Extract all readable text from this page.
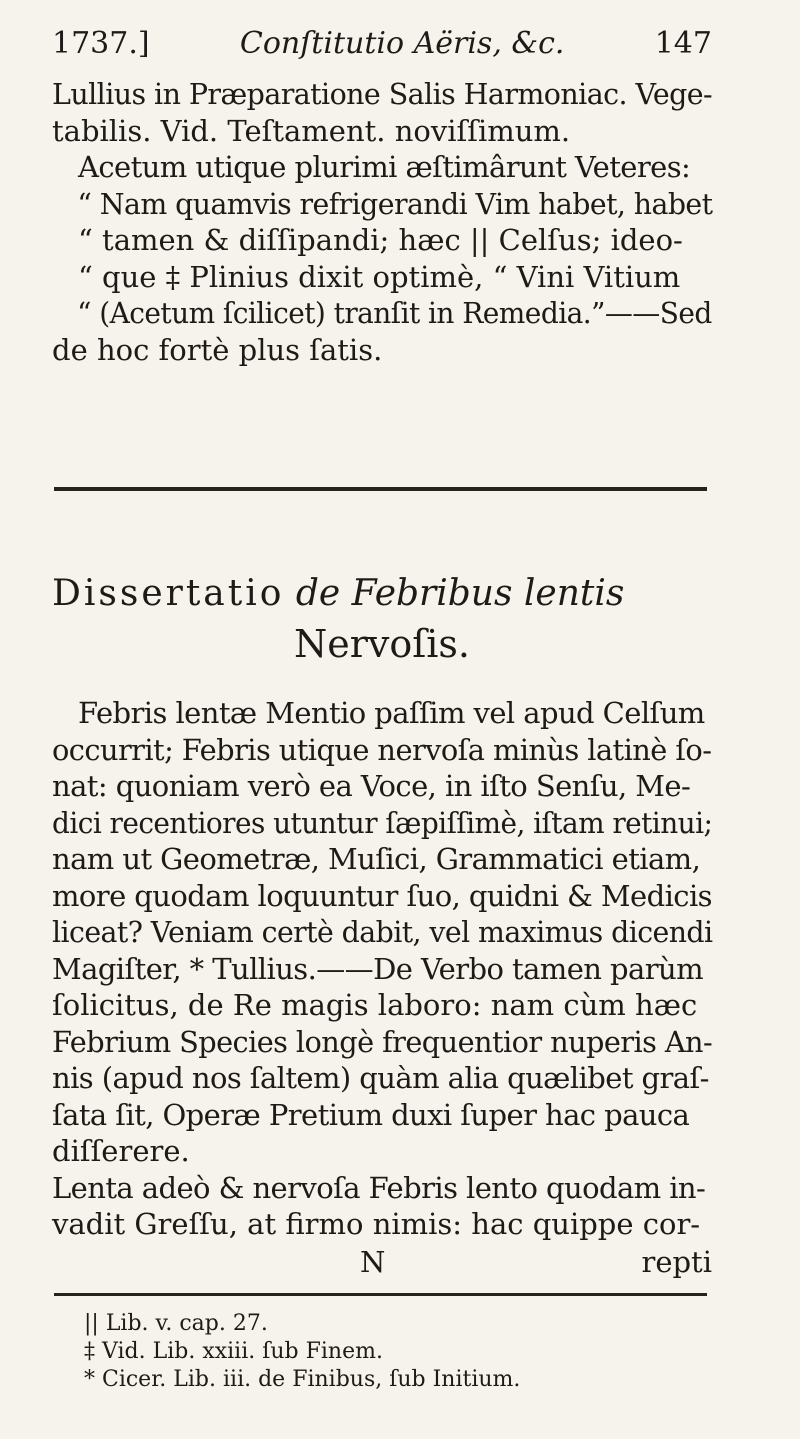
1737.]	Conſtitutio Aëris, &c.	147
Lullius in Præparatione Salis Harmoniac. Vege-
tabilis. Vid. Teſtament. noviſſimum.
Acetum utique plurimi æſtimârunt Veteres:
“ Nam quamvis refrigerandi Vim habet, habet
“ tamen & diſſipandi; hæc || Celſus; ideo-
“ que ‡ Plinius dixit optimè, “ Vini Vitium
“ (Acetum ſcilicet) tranſit in Remedia.”——Sed
de hoc fortè plus ſatis.
Dissertatio de Febribus lentis
Nervoſis.
Febris lentæ Mentio paſſim vel apud Celſum
occurrit; Febris utique nervoſa minùs latinè ſo-
nat: quoniam verò ea Voce, in iſto Senſu, Me-
dici recentiores utuntur ſæpiſſimè, iſtam retinui;
nam ut Geometræ, Muſici, Grammatici etiam,
more quodam loquuntur ſuo, quidni & Medicis
liceat? Veniam certè dabit, vel maximus dicendi
Magiſter, * Tullius.——De Verbo tamen parùm
ſolicitus, de Re magis laboro: nam cùm hæc
Febrium Species longè frequentior nuperis An-
nis (apud nos ſaltem) quàm alia quælibet graſ-
ſata ſit, Operæ Pretium duxi ſuper hac pauca
diſſerere.
Lenta adeò & nervoſa Febris lento quodam in-
vadit Greſſu, at firmo nimis: hac quippe cor-
N	repti
|| Lib. v. cap. 27.
‡ Vid. Lib. xxiii. ſub Finem.
* Cicer. Lib. iii. de Finibus, ſub Initium.
